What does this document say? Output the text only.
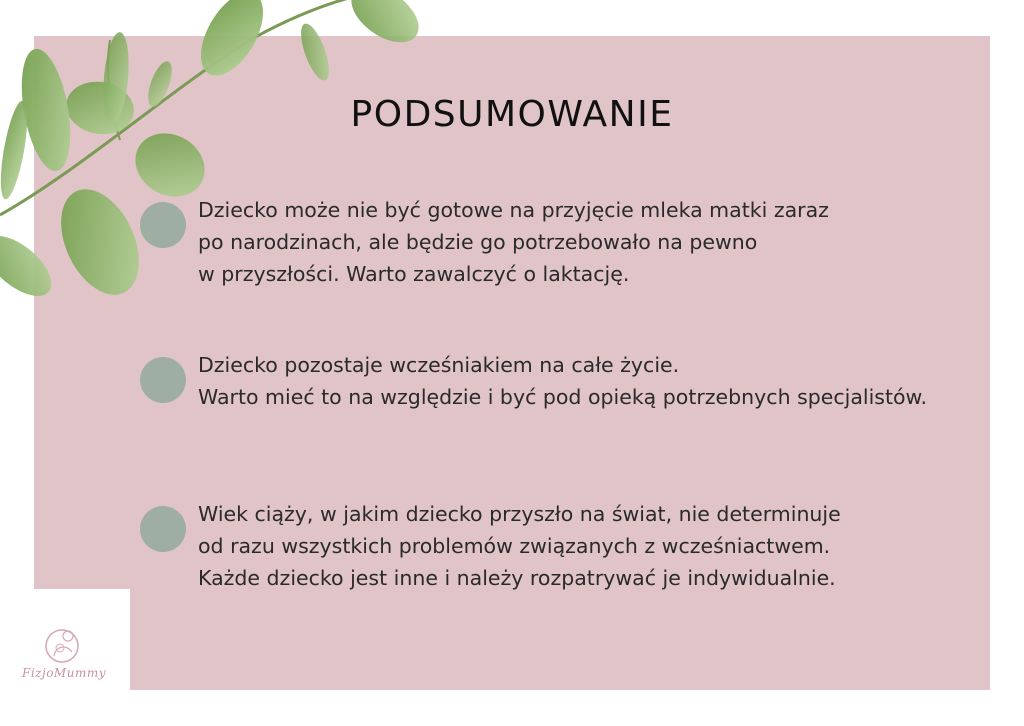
PODSUMOWANIE
Dziecko może nie być gotowe na przyjęcie mleka matki zaraz
po narodzinach, ale będzie go potrzebowało na pewno
w przyszłości. Warto zawalczyć o laktację.
Dziecko pozostaje wcześniakiem na całe życie.
Warto mieć to na względzie i być pod opieką potrzebnych specjalistów.
Wiek ciąży, w jakim dziecko przyszło na świat, nie determinuje
od razu wszystkich problemów związanych z wcześniactwem.
Każde dziecko jest inne i należy rozpatrywać je indywidualnie.
FizjoMummy
